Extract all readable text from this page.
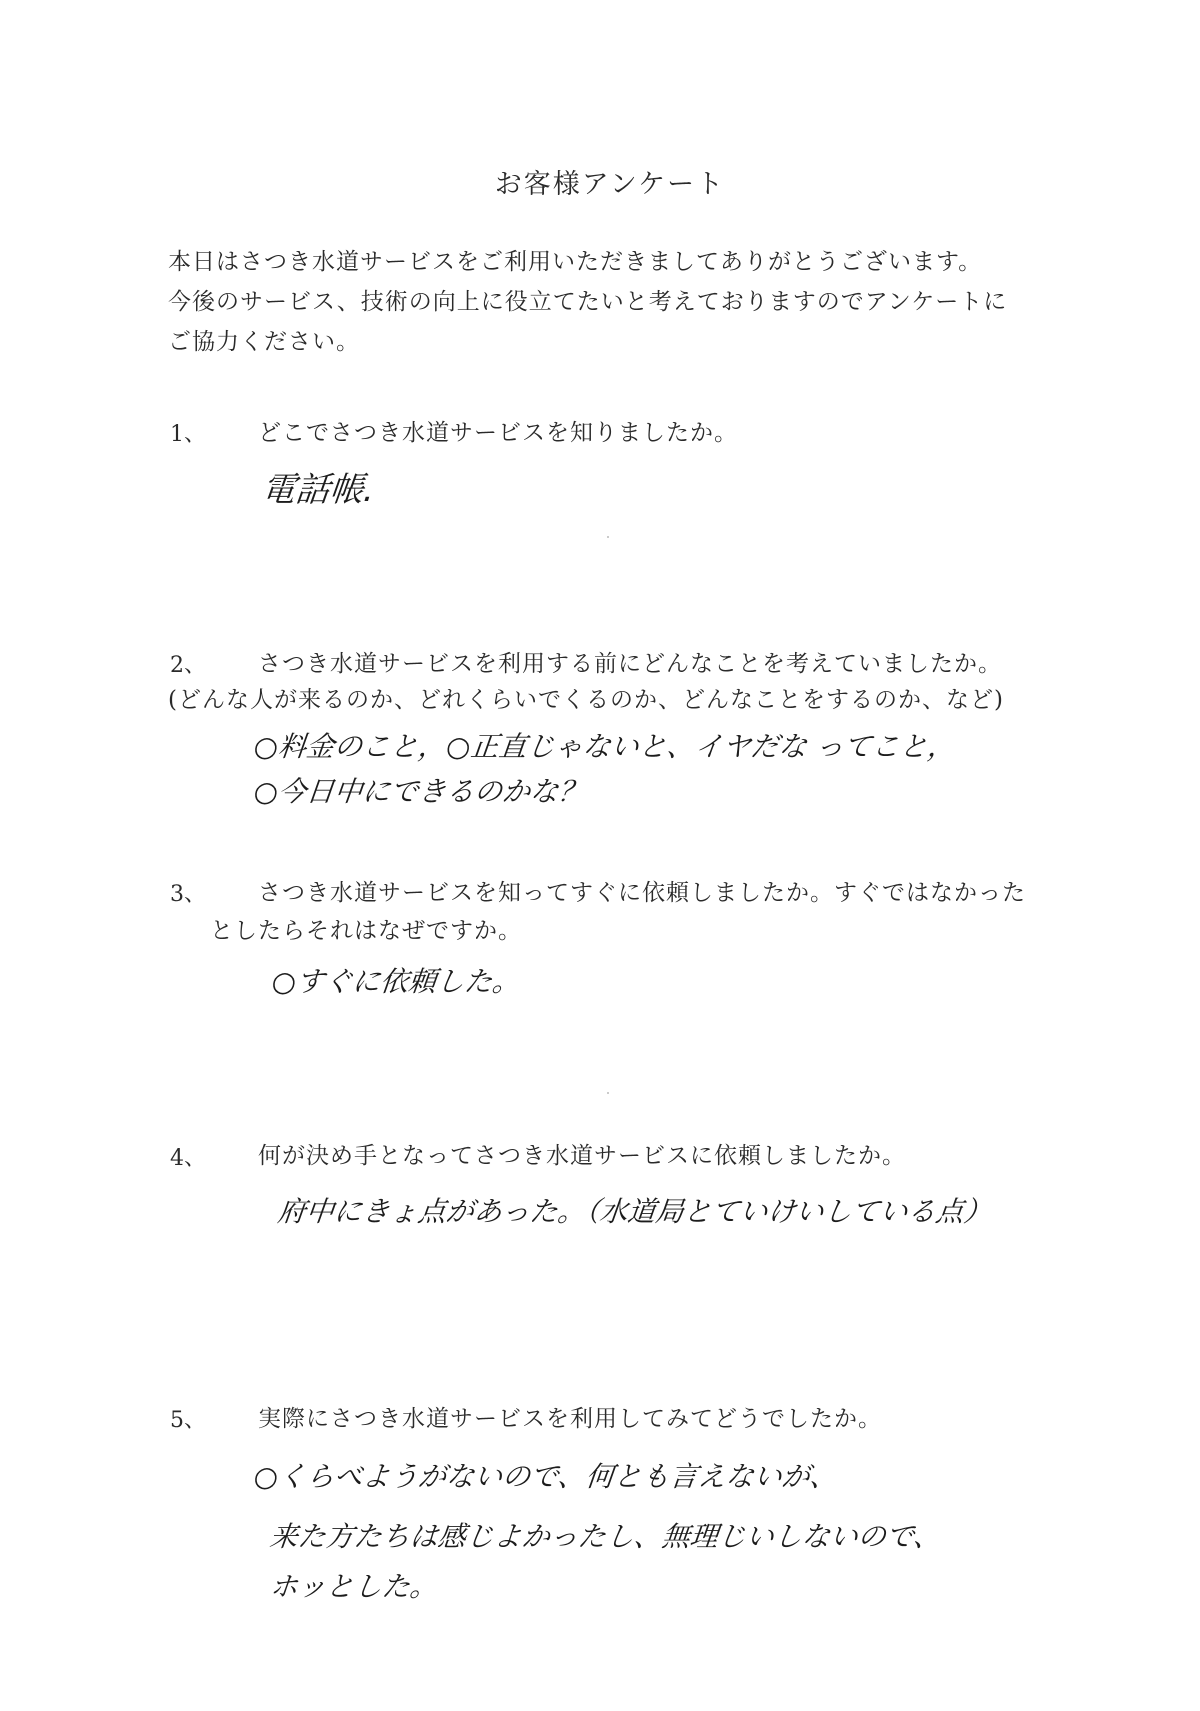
お客様アンケート
本日はさつき水道サービスをご利用いただきましてありがとうございます。
今後のサービス、技術の向上に役立てたいと考えておりますのでアンケートに
ご協力ください。
1、 どこでさつき水道サービスを知りましたか。
電話帳.
2、 さつき水道サービスを利用する前にどんなことを考えていましたか。
(どんな人が来るのか、どれくらいでくるのか、どんなことをするのか、など)
○料金のこと，○正直じゃないと、イヤだな ってこと，
○今日中にできるのかな？
3、 さつき水道サービスを知ってすぐに依頼しましたか。すぐではなかった
としたらそれはなぜですか。
○すぐに依頼した。
4、 何が決め手となってさつき水道サービスに依頼しましたか。
府中にきょ点があった。（水道局とていけいしている点）
5、 実際にさつき水道サービスを利用してみてどうでしたか。
○くらべようがないので、何とも言えないが、
来た方たちは感じよかったし、無理じいしないので、
ホッとした。
